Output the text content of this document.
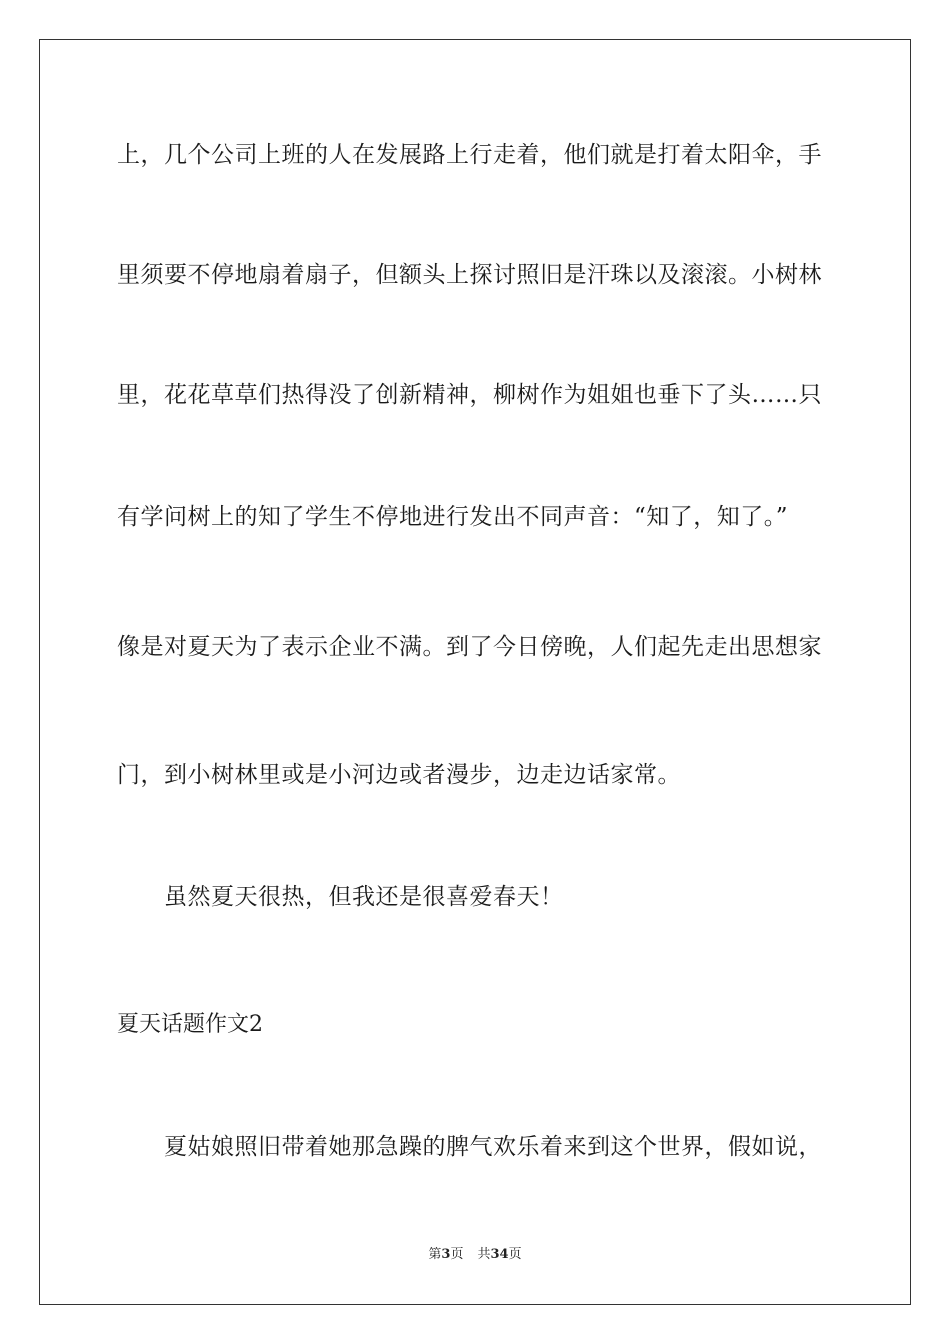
上，几个公司上班的人在发展路上行走着，他们就是打着太阳伞，手
里须要不停地扇着扇子，但额头上探讨照旧是汗珠以及滚滚。小树林
里，花花草草们热得没了创新精神，柳树作为姐姐也垂下了头……只
有学问树上的知了学生不停地进行发出不同声音：“知了，知了。”
像是对夏天为了表示企业不满。到了今日傍晚，人们起先走出思想家
门，到小树林里或是小河边或者漫步，边走边话家常。
虽然夏天很热，但我还是很喜爱春天！
夏天话题作文2
夏姑娘照旧带着她那急躁的脾气欢乐着来到这个世界，假如说，
第3页 共34页
